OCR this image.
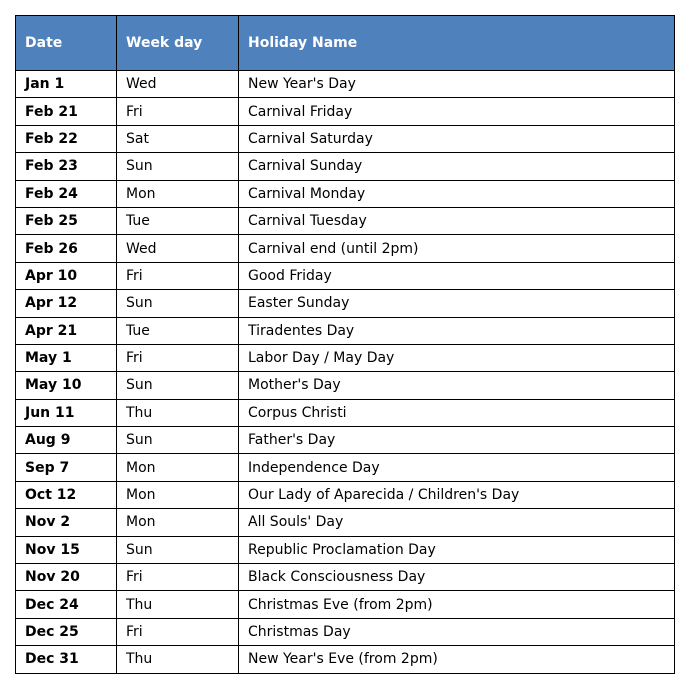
Date	Week day	Holiday Name
Jan 1	Wed	New Year's Day
Feb 21	Fri	Carnival Friday
Feb 22	Sat	Carnival Saturday
Feb 23	Sun	Carnival Sunday
Feb 24	Mon	Carnival Monday
Feb 25	Tue	Carnival Tuesday
Feb 26	Wed	Carnival end (until 2pm)
Apr 10	Fri	Good Friday
Apr 12	Sun	Easter Sunday
Apr 21	Tue	Tiradentes Day
May 1	Fri	Labor Day / May Day
May 10	Sun	Mother's Day
Jun 11	Thu	Corpus Christi
Aug 9	Sun	Father's Day
Sep 7	Mon	Independence Day
Oct 12	Mon	Our Lady of Aparecida / Children's Day
Nov 2	Mon	All Souls' Day
Nov 15	Sun	Republic Proclamation Day
Nov 20	Fri	Black Consciousness Day
Dec 24	Thu	Christmas Eve (from 2pm)
Dec 25	Fri	Christmas Day
Dec 31	Thu	New Year's Eve (from 2pm)
